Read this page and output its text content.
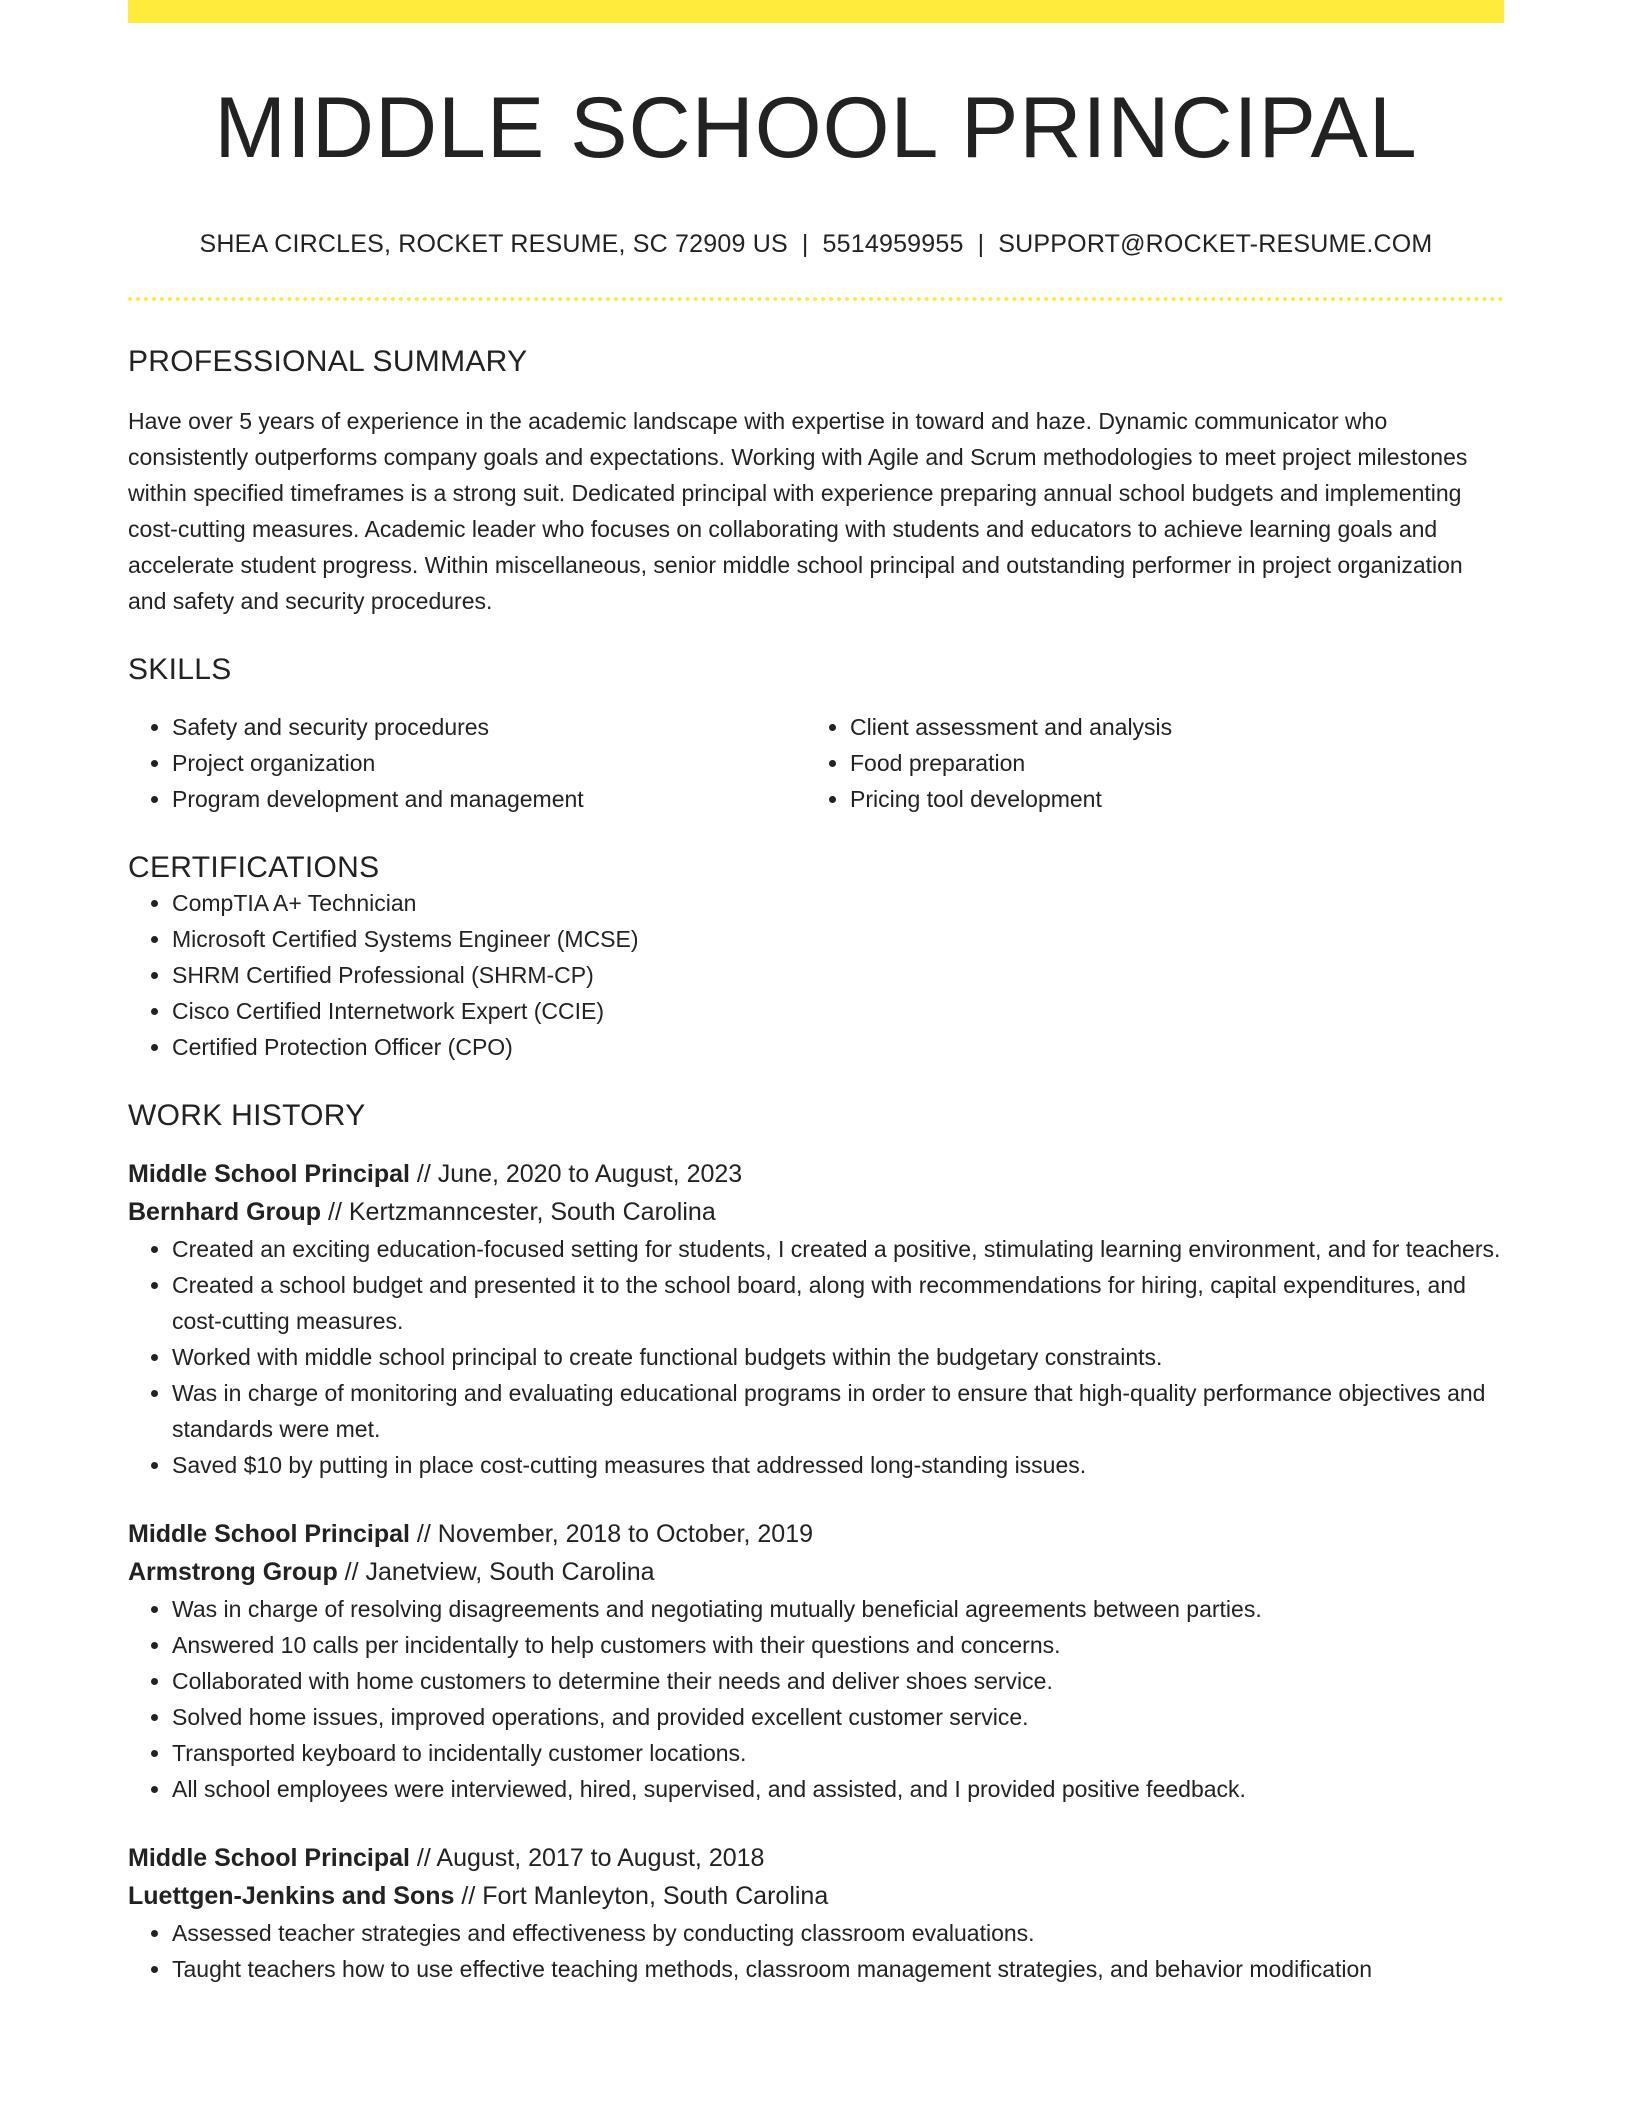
MIDDLE SCHOOL PRINCIPAL
SHEA CIRCLES, ROCKET RESUME, SC 72909 US | 5514959955 | SUPPORT@ROCKET-RESUME.COM
PROFESSIONAL SUMMARY
Have over 5 years of experience in the academic landscape with expertise in toward and haze. Dynamic communicator who consistently outperforms company goals and expectations. Working with Agile and Scrum methodologies to meet project milestones within specified timeframes is a strong suit. Dedicated principal with experience preparing annual school budgets and implementing cost-cutting measures. Academic leader who focuses on collaborating with students and educators to achieve learning goals and accelerate student progress. Within miscellaneous, senior middle school principal and outstanding performer in project organization and safety and security procedures.
SKILLS
• Safety and security procedures
• Project organization
• Program development and management
• Client assessment and analysis
• Food preparation
• Pricing tool development
CERTIFICATIONS
• CompTIA A+ Technician
• Microsoft Certified Systems Engineer (MCSE)
• SHRM Certified Professional (SHRM-CP)
• Cisco Certified Internetwork Expert (CCIE)
• Certified Protection Officer (CPO)
WORK HISTORY
Middle School Principal // June, 2020 to August, 2023
Bernhard Group // Kertzmanncester, South Carolina
• Created an exciting education-focused setting for students, I created a positive, stimulating learning environment, and for teachers.
• Created a school budget and presented it to the school board, along with recommendations for hiring, capital expenditures, and cost-cutting measures.
• Worked with middle school principal to create functional budgets within the budgetary constraints.
• Was in charge of monitoring and evaluating educational programs in order to ensure that high-quality performance objectives and standards were met.
• Saved $10 by putting in place cost-cutting measures that addressed long-standing issues.
Middle School Principal // November, 2018 to October, 2019
Armstrong Group // Janetview, South Carolina
• Was in charge of resolving disagreements and negotiating mutually beneficial agreements between parties.
• Answered 10 calls per incidentally to help customers with their questions and concerns.
• Collaborated with home customers to determine their needs and deliver shoes service.
• Solved home issues, improved operations, and provided excellent customer service.
• Transported keyboard to incidentally customer locations.
• All school employees were interviewed, hired, supervised, and assisted, and I provided positive feedback.
Middle School Principal // August, 2017 to August, 2018
Luettgen-Jenkins and Sons // Fort Manleyton, South Carolina
• Assessed teacher strategies and effectiveness by conducting classroom evaluations.
• Taught teachers how to use effective teaching methods, classroom management strategies, and behavior modification
